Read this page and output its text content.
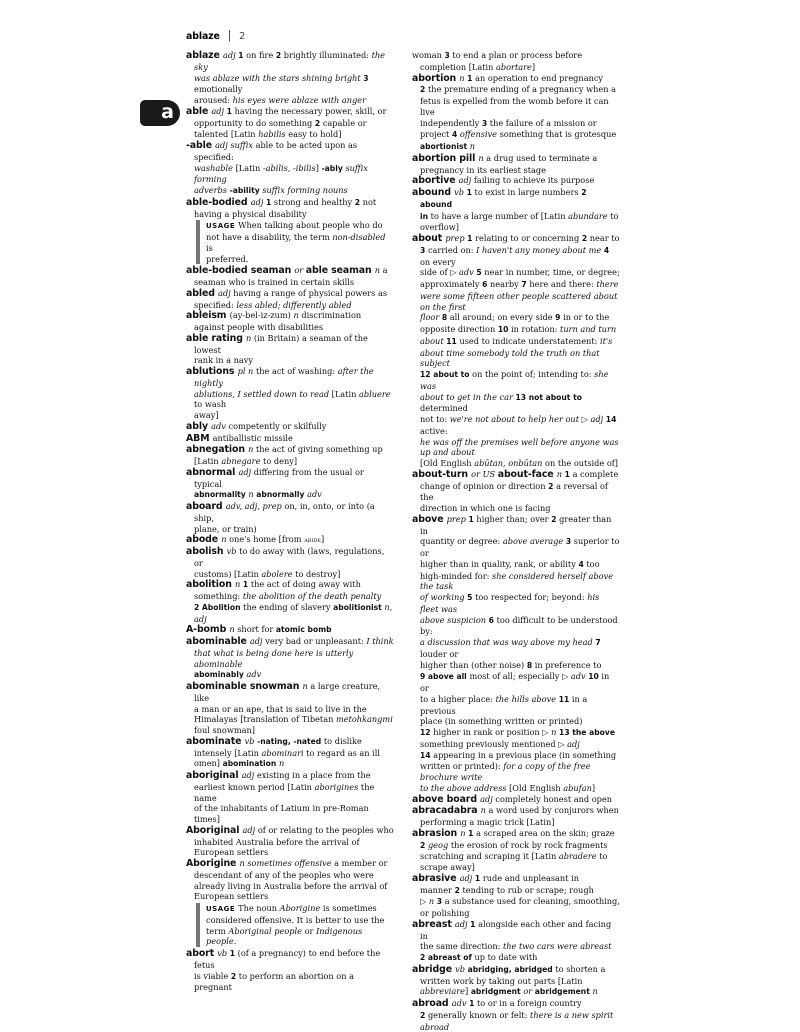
ablaze | 2
a
ablaze adj 1 on fire 2 brightly illuminated: the sky
was ablaze with the stars shining bright 3 emotionally
aroused: his eyes were ablaze with anger
able adj 1 having the necessary power, skill, or
opportunity to do something 2 capable or
talented [Latin habilis easy to hold]
-able adj suffix able to be acted upon as specified:
washable [Latin -abilis, -ibilis] -ably suffix forming
adverbs -ability suffix forming nouns
able-bodied adj 1 strong and healthy 2 not
having a physical disability
USAGE When talking about people who do
not have a disability, the term non-disabled is
preferred.
able-bodied seaman or able seaman n a
seaman who is trained in certain skills
abled adj having a range of physical powers as
specified: less abled; differently abled
ableism (ay-bel-iz-zum) n discrimination
against people with disabilities
able rating n (in Britain) a seaman of the lowest
rank in a navy
ablutions pl n the act of washing: after the nightly
ablutions, I settled down to read [Latin abluere to wash
away]
ably adv competently or skilfully
ABM antiballistic missile
abnegation n the act of giving something up
[Latin abnegare to deny]
abnormal adj differing from the usual or typical
abnormality n abnormally adv
aboard adv, adj, prep on, in, onto, or into (a ship,
plane, or train)
abode n one's home [from abide]
abolish vb to do away with (laws, regulations, or
customs) [Latin abolere to destroy]
abolition n 1 the act of doing away with
something: the abolition of the death penalty
2 Abolition the ending of slavery abolitionist n, adj
A-bomb n short for atomic bomb
abominable adj very bad or unpleasant: I think
that what is being done here is utterly abominable
abominably adv
abominable snowman n a large creature, like
a man or an ape, that is said to live in the
Himalayas [translation of Tibetan metohkangmi
foul snowman]
abominate vb -nating, -nated to dislike
intensely [Latin abominari to regard as an ill
omen] abomination n
aboriginal adj existing in a place from the
earliest known period [Latin aborigines the name
of the inhabitants of Latium in pre-Roman
times]
Aboriginal adj of or relating to the peoples who
inhabited Australia before the arrival of
European settlers
Aborigine n sometimes offensive a member or
descendant of any of the peoples who were
already living in Australia before the arrival of
European settlers
USAGE The noun Aborigine is sometimes
considered offensive. It is better to use the
term Aboriginal people or Indigenous people.
abort vb 1 (of a pregnancy) to end before the fetus
is viable 2 to perform an abortion on a pregnant
woman 3 to end a plan or process before
completion [Latin abortare]
abortion n 1 an operation to end pregnancy
2 the premature ending of a pregnancy when a
fetus is expelled from the womb before it can live
independently 3 the failure of a mission or
project 4 offensive something that is grotesque
abortionist n
abortion pill n a drug used to terminate a
pregnancy in its earliest stage
abortive adj failing to achieve its purpose
abound vb 1 to exist in large numbers 2 abound
in to have a large number of [Latin abundare to
overflow]
about prep 1 relating to or concerning 2 near to
3 carried on: I haven't any money about me 4 on every
side of ▷ adv 5 near in number, time, or degree;
approximately 6 nearby 7 here and there: there
were some fifteen other people scattered about on the first
floor 8 all around; on every side 9 in or to the
opposite direction 10 in rotation: turn and turn
about 11 used to indicate understatement: it's
about time somebody told the truth on that subject
12 about to on the point of; intending to: she was
about to get in the car 13 not about to determined
not to: we're not about to help her out ▷ adj 14 active:
he was off the premises well before anyone was up and about
[Old English abūtan, onbūtan on the outside of]
about-turn or US about-face n 1 a complete
change of opinion or direction 2 a reversal of the
direction in which one is facing
above prep 1 higher than; over 2 greater than in
quantity or degree: above average 3 superior to or
higher than in quality, rank, or ability 4 too
high-minded for: she considered herself above the task
of working 5 too respected for; beyond: his fleet was
above suspicion 6 too difficult to be understood by:
a discussion that was way above my head 7 louder or
higher than (other noise) 8 in preference to
9 above all most of all; especially ▷ adv 10 in or
to a higher place: the hills above 11 in a previous
place (in something written or printed)
12 higher in rank or position ▷ n 13 the above
something previously mentioned ▷ adj
14 appearing in a previous place (in something
written or printed): for a copy of the free brochure write
to the above address [Old English abufan]
above board adj completely honest and open
abracadabra n a word used by conjurors when
performing a magic trick [Latin]
abrasion n 1 a scraped area on the skin; graze
2 geog the erosion of rock by rock fragments
scratching and scraping it [Latin abradere to
scrape away]
abrasive adj 1 rude and unpleasant in
manner 2 tending to rub or scrape; rough
▷ n 3 a substance used for cleaning, smoothing,
or polishing
abreast adj 1 alongside each other and facing in
the same direction: the two cars were abreast
2 abreast of up to date with
abridge vb abridging, abridged to shorten a
written work by taking out parts [Latin
abbreviare] abridgment or abridgement n
abroad adv 1 to or in a foreign country
2 generally known or felt: there is a new spirit abroad
